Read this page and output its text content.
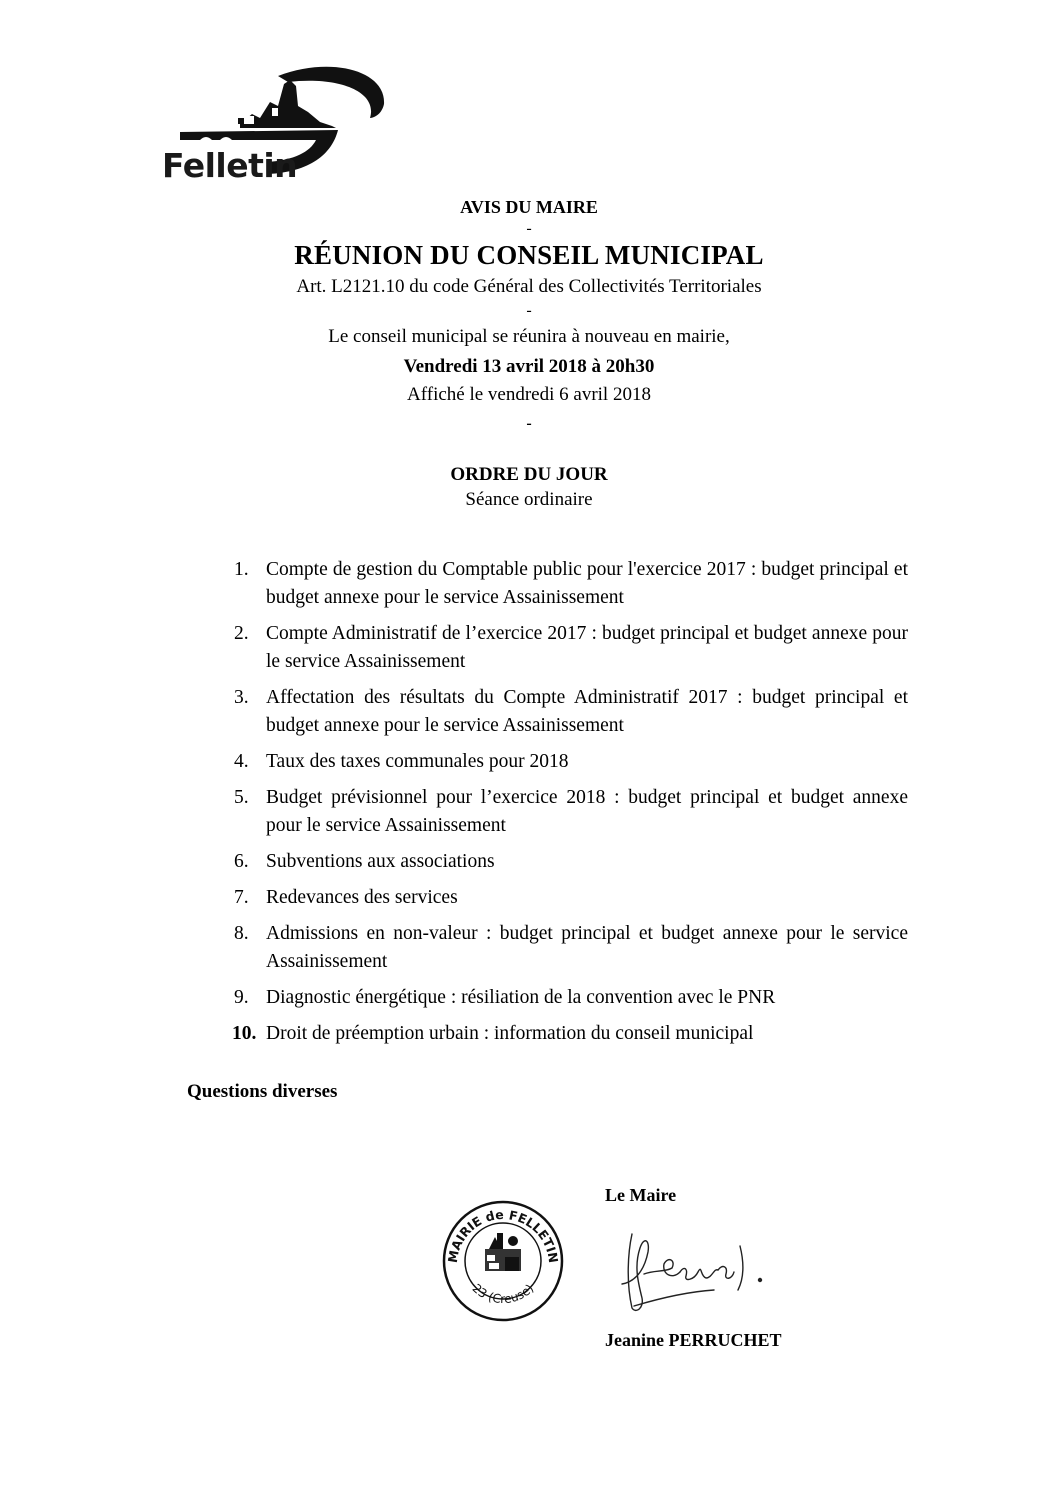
Felletin
AVIS DU MAIRE
-
RÉUNION DU CONSEIL MUNICIPAL
Art. L2121.10 du code Général des Collectivités Territoriales
-
Le conseil municipal se réunira à nouveau en mairie,
Vendredi 13 avril 2018 à 20h30
Affiché le vendredi 6 avril 2018
-
ORDRE DU JOUR
Séance ordinaire
1. Compte de gestion du Comptable public pour l'exercice 2017 : budget principal et budget annexe pour le service Assainissement
2. Compte Administratif de l’exercice 2017 : budget principal et budget annexe pour le service Assainissement
3. Affectation des résultats du Compte Administratif 2017 : budget principal et budget annexe pour le service Assainissement
4. Taux des taxes communales pour 2018
5. Budget prévisionnel pour l’exercice 2018 : budget principal et budget annexe pour le service Assainissement
6. Subventions aux associations
7. Redevances des services
8. Admissions en non-valeur : budget principal et budget annexe pour le service Assainissement
9. Diagnostic énergétique : résiliation de la convention avec le PNR
10. Droit de préemption urbain : information du conseil municipal
Questions diverses
Le Maire
MAIRIE de FELLETIN
23 (Creuse)
Jeanine PERRUCHET
